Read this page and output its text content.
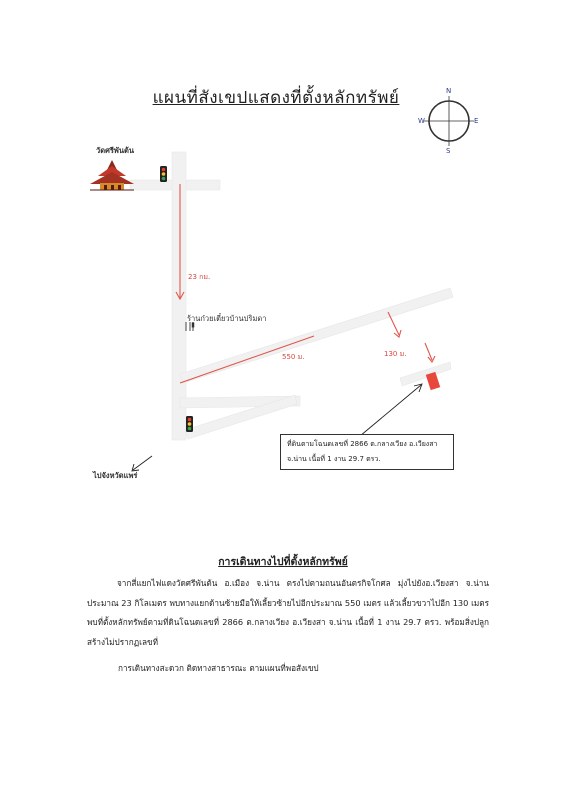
แผนที่สังเขปแสดงที่ตั้งหลักทรัพย์	N
S
E
W
วัดศรีพันต้น
ร้านก๋วยเตี๋ยวบ้านปริมดา
ไปจังหวัดแพร่
23 กม.
550 ม.	130 ม.
ที่ดินตามโฉนดเลขที่ 2866 ต.กลางเวียง อ.เวียงสา
จ.น่าน เนื้อที่ 1 งาน 29.7 ตรว.
การเดินทางไปที่ตั้งหลักทรัพย์
จากสี่แยกไฟแดงวัดศรีพันต้น อ.เมือง จ.น่าน ตรงไปตามถนนอันตรกิจโกศล มุ่งไปยังอ.เวียงสา จ.น่าน ประมาณ 23 กิโลเมตร พบทางแยกด้านซ้ายมือให้เลี้ยวซ้ายไปอีกประมาณ 550 เมตร แล้วเลี้ยวขวาไปอีก 130 เมตร พบที่ตั้งหลักทรัพย์ตามที่ดินโฉนดเลขที่ 2866 ต.กลางเวียง อ.เวียงสา จ.น่าน เนื้อที่ 1 งาน 29.7 ตรว. พร้อมสิ่งปลูกสร้างไม่ปรากฏเลขที่
การเดินทางสะดวก ติดทางสาธารณะ ตามแผนที่พอสังเขป
